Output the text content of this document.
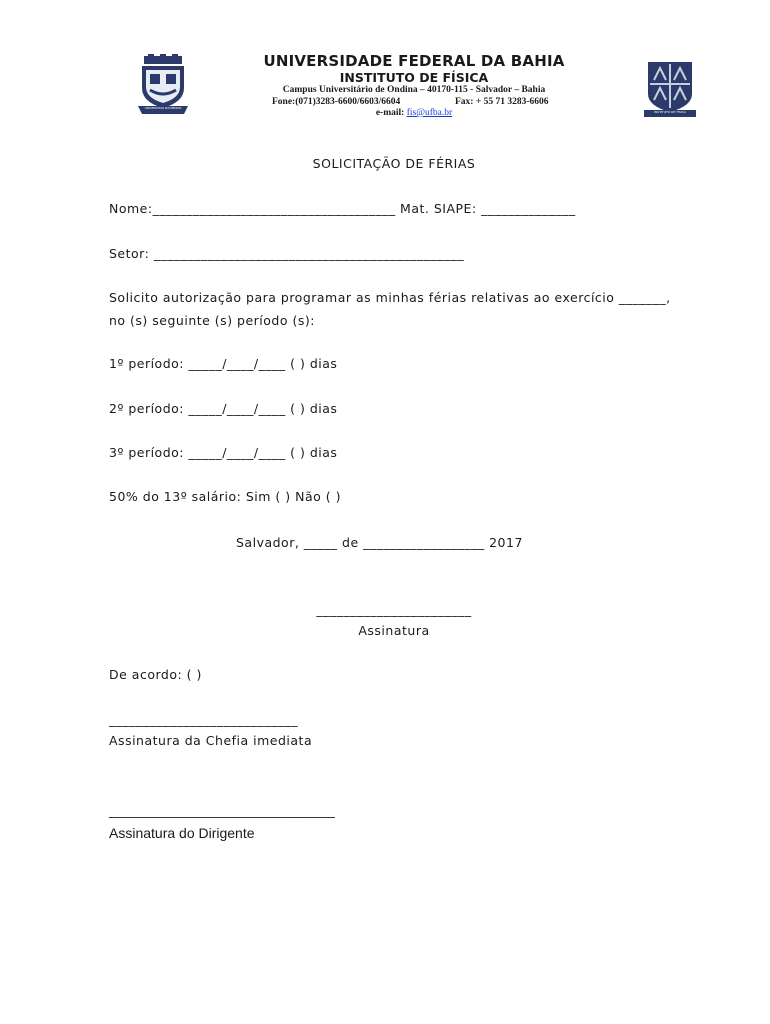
UNIVERSITAS BAHIENSIS
INSTITUTO DE FÍSICA
UNIVERSIDADE FEDERAL DA BAHIA
INSTITUTO DE FÍSICA
Campus Universitário de Ondina – 40170-115 - Salvador – Bahia
Fone:(071)3283-6600/6603/6604	Fax: + 55 71 3283-6606
e-mail: fis@ufba.br
SOLICITAÇÃO DE FÉRIAS
Nome:____________________________________ Mat. SIAPE: ______________
Setor: ______________________________________________
Solicito autorização para programar as minhas férias relativas ao exercício _______,
no (s) seguinte (s) período (s):
1º período: _____/____/____ ( ) dias
2º período: _____/____/____ ( ) dias
3º período: _____/____/____ ( ) dias
50% do 13º salário: Sim ( ) Não ( )
Salvador, _____ de __________________ 2017
_______________________
Assinatura
De acordo: ( )
____________________________
Assinatura da Chefia imediata
_____________________________
Assinatura do Dirigente
